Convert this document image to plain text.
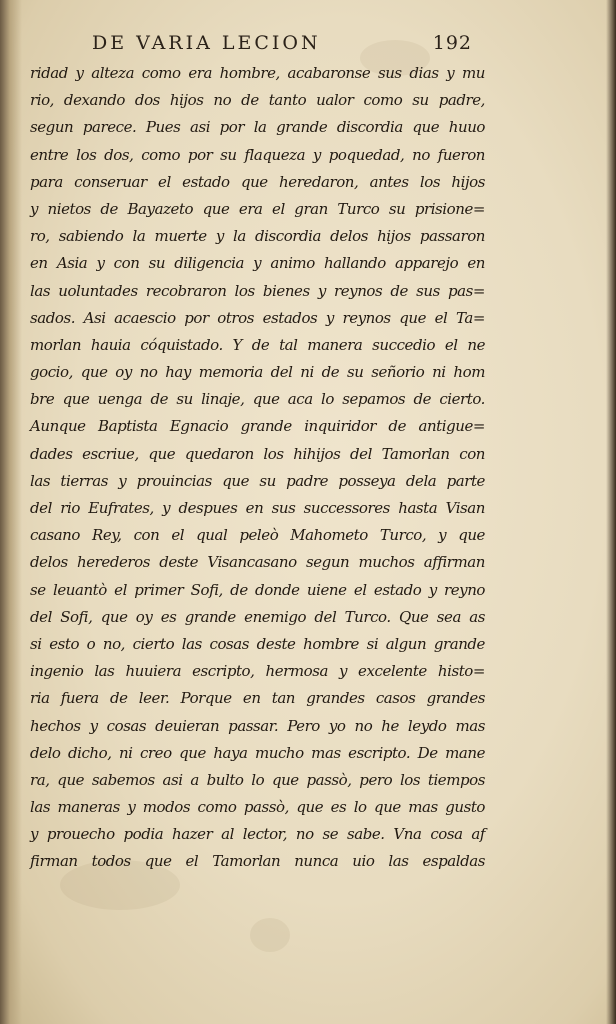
DE VARIA LECION	192
ridad y alteza como era hombre, acabaronse sus dias y mu
rio, dexando dos hijos no de tanto ualor como su padre,
segun parece. Pues asi por la grande discordia que huuo
entre los dos, como por su flaqueza y poquedad, no fueron
para conseruar el estado que heredaron, antes los hijos
y nietos de Bayazeto que era el gran Turco su prisione=
ro, sabiendo la muerte y la discordia delos hijos passaron
en Asia y con su diligencia y animo hallando apparejo en
las uoluntades recobraron los bienes y reynos de sus pas=
sados. Asi acaescio por otros estados y reynos que el Ta=
morlan hauia cóquistado. Y de tal manera succedio el ne
gocio, que oy no hay memoria del ni de su señorio ni hom
bre que uenga de su linaje, que aca lo sepamos de cierto.
Aunque Baptista Egnacio grande inquiridor de antigue=
dades escriue, que quedaron los hihijos del Tamorlan con
las tierras y prouincias que su padre posseya dela parte
del rio Eufrates, y despues en sus successores hasta Visan
casano Rey, con el qual peleò Mahometo Turco, y que
delos herederos deste Visancasano segun muchos affirman
se leuantò el primer Sofi, de donde uiene el estado y reyno
del Sofi, que oy es grande enemigo del Turco. Que sea as
si esto o no, cierto las cosas deste hombre si algun grande
ingenio las huuiera escripto, hermosa y excelente histo=
ria fuera de leer. Porque en tan grandes casos grandes
hechos y cosas deuieran passar. Pero yo no he leydo mas
delo dicho, ni creo que haya mucho mas escripto. De mane
ra, que sabemos asi a bulto lo que passò, pero los tiempos
las maneras y modos como passò, que es lo que mas gusto
y prouecho podia hazer al lector, no se sabe. Vna cosa af
firman todos que el Tamorlan nunca uio las espaldas
